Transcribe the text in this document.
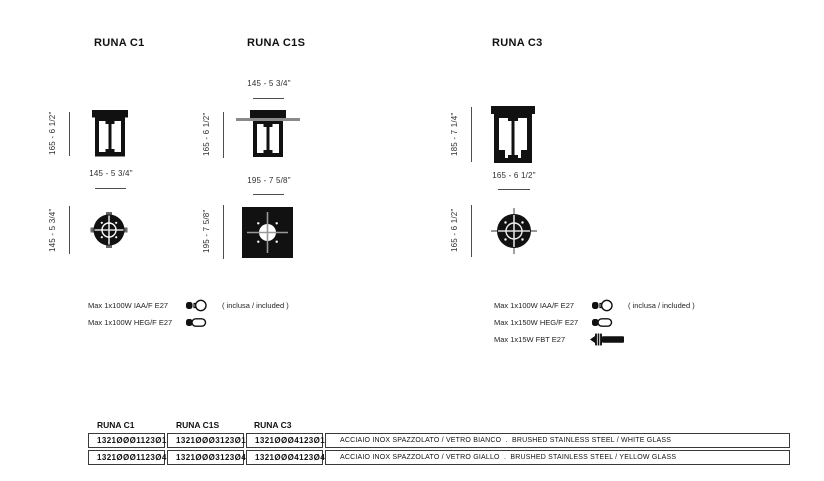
RUNA C1	RUNA C1S	RUNA C3
165 - 6 1/2"
145 - 5 3/4"
145 - 5 3/4"
145 - 5 3/4"
165 - 6 1/2"
195 - 7 5/8"
195 - 7 5/8"
185 - 7 1/4"
165 - 6 1/2"
165 - 6 1/2"
Max 1x100W IAA/F E27	( inclusa / included )
Max 1x100W HEG/F E27
Max 1x100W IAA/F E27	( inclusa / included )
Max 1x150W HEG/F E27
Max 1x15W FBT E27
RUNA C1	RUNA C1S	RUNA C3
1321ØØØ1123Ø1	1321ØØØ3123Ø1	1321ØØØ4123Ø1	ACCIAIO INOX SPAZZOLATO / VETRO BIANCO  .  BRUSHED STAINLESS STEEL / WHITE GLASS
1321ØØØ1123Ø4	1321ØØØ3123Ø4	1321ØØØ4123Ø4	ACCIAIO INOX SPAZZOLATO / VETRO GIALLO  .  BRUSHED STAINLESS STEEL / YELLOW GLASS
